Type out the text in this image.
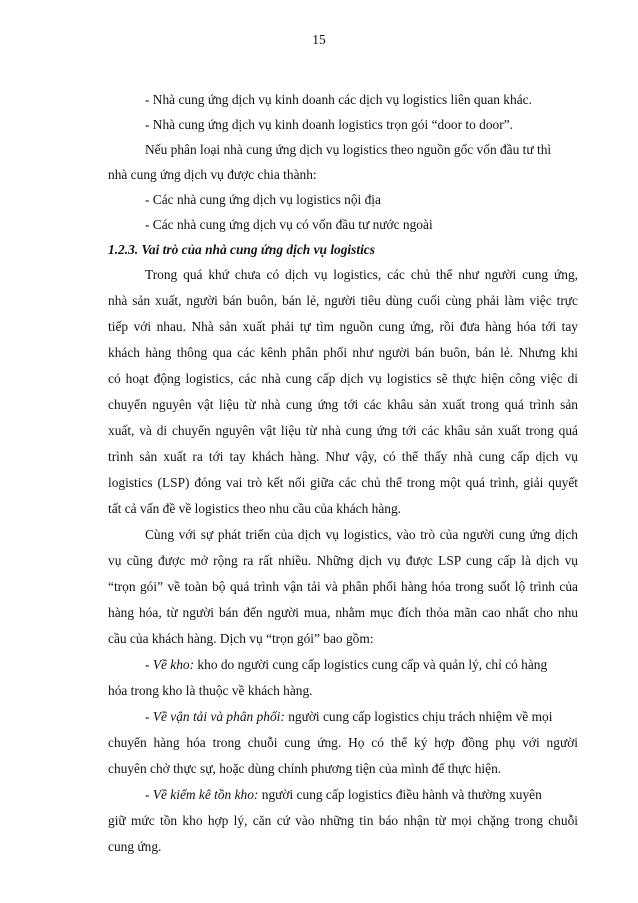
15
- Nhà cung ứng dịch vụ kinh doanh các dịch vụ logistics liên quan khác.
- Nhà cung ứng dịch vụ kinh doanh logistics trọn gói “door to door”.
Nếu phân loại nhà cung ứng dịch vụ logistics theo nguồn gốc vốn đầu tư thì
nhà cung ứng dịch vụ được chia thành:
- Các nhà cung ứng dịch vụ logistics nội địa
- Các nhà cung ứng dịch vụ có vốn đầu tư nước ngoài
1.2.3. Vai trò của nhà cung ứng dịch vụ logistics
Trong quá khứ chưa có dịch vụ logistics, các chủ thể như người cung ứng,
nhà sản xuất, người bán buôn, bán lẻ, người tiêu dùng cuối cùng phải làm việc trực
tiếp với nhau. Nhà sản xuất phải tự tìm nguồn cung ứng, rồi đưa hàng hóa tới tay
khách hàng thông qua các kênh phân phối như người bán buôn, bán lẻ. Nhưng khi
có hoạt động logistics, các nhà cung cấp dịch vụ logistics sẽ thực hiện công việc di
chuyển nguyên vật liệu từ nhà cung ứng tới các khâu sản xuất trong quá trình sản
xuất, và di chuyển nguyên vật liệu từ nhà cung ứng tới các khâu sản xuất trong quá
trình sản xuất ra tới tay khách hàng. Như vậy, có thể thấy nhà cung cấp dịch vụ
logistics (LSP) đóng vai trò kết nối giữa các chủ thể trong một quá trình, giải quyết
tất cả vấn đề về logistics theo nhu cầu của khách hàng.
Cùng với sự phát triển của dịch vụ logistics, vào trò của người cung ứng dịch
vụ cũng được mở rộng ra rất nhiều. Những dịch vụ được LSP cung cấp là dịch vụ
“trọn gói” về toàn bộ quá trình vận tải và phân phối hàng hóa trong suốt lộ trình của
hàng hóa, từ người bán đến người mua, nhằm mục đích thỏa mãn cao nhất cho nhu
cầu của khách hàng. Dịch vụ “trọn gói” bao gồm:
- Về kho: kho do người cung cấp logistics cung cấp và quản lý, chỉ có hàng
hóa trong kho là thuộc về khách hàng.
- Về vận tải và phân phối: người cung cấp logistics chịu trách nhiệm về mọi
chuyển hàng hóa trong chuỗi cung ứng. Họ có thể ký hợp đồng phụ với người
chuyên chở thực sự, hoặc dùng chính phương tiện của mình để thực hiện.
- Về kiểm kê tồn kho: người cung cấp logistics điều hành và thường xuyên
giữ mức tồn kho hợp lý, căn cứ vào những tin báo nhận từ mọi chặng trong chuỗi
cung ứng.
